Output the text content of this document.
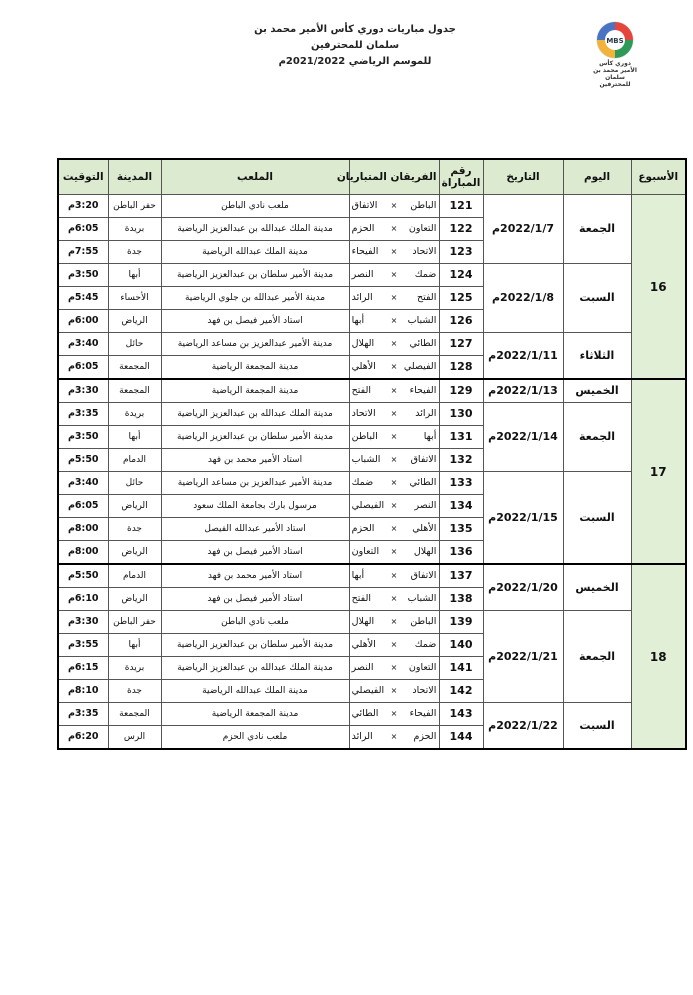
جدول مباريات دوري كأس الأمير محمد بن سلمان للمحترفين
للموسم الرياضي 2021/2022م
MBS
دوري كأس
الأمير محمد بن سلمان
للمحترفين
الأسبوع	اليوم	التاريخ	رقم المباراة	الفريقان المتباريان	الملعب	المدينة	التوقيت
16	الجمعة	2022/1/7م	121	الباطن×الاتفاق	ملعب نادي الباطن	حفر الباطن	3:20م
			122	التعاون×الحزم	مدينة الملك عبدالله بن عبدالعزيز الرياضية	بريدة	6:05م
			123	الاتحاد×الفيحاء	مدينة الملك عبدالله الرياضية	جدة	7:55م
	السبت	2022/1/8م	124	ضمك×النصر	مدينة الأمير سلطان بن عبدالعزيز الرياضية	أبها	3:50م
			125	الفتح×الرائد	مدينة الأمير عبدالله بن جلوي الرياضية	الأحساء	5:45م
			126	الشباب×أبها	استاد الأمير فيصل بن فهد	الرياض	6:00م
	الثلاثاء	2022/1/11م	127	الطائي×الهلال	مدينة الأمير عبدالعزيز بن مساعد الرياضية	حائل	3:40م
			128	الفيصلي×الأهلي	مدينة المجمعة الرياضية	المجمعة	6:05م
17	الخميس	2022/1/13م	129	الفيحاء×الفتح	مدينة المجمعة الرياضية	المجمعة	3:30م
	الجمعة	2022/1/14م	130	الرائد×الاتحاد	مدينة الملك عبدالله بن عبدالعزيز الرياضية	بريدة	3:35م
			131	أبها×الباطن	مدينة الأمير سلطان بن عبدالعزيز الرياضية	أبها	3:50م
			132	الاتفاق×الشباب	استاد الأمير محمد بن فهد	الدمام	5:50م
	السبت	2022/1/15م	133	الطائي×ضمك	مدينة الأمير عبدالعزيز بن مساعد الرياضية	حائل	3:40م
			134	النصر×الفيصلي	مرسول بارك بجامعة الملك سعود	الرياض	6:05م
			135	الأهلي×الحزم	استاد الأمير عبدالله الفيصل	جدة	8:00م
			136	الهلال×التعاون	استاد الأمير فيصل بن فهد	الرياض	8:00م
18	الخميس	2022/1/20م	137	الاتفاق×أبها	استاد الأمير محمد بن فهد	الدمام	5:50م
			138	الشباب×الفتح	استاد الأمير فيصل بن فهد	الرياض	6:10م
	الجمعة	2022/1/21م	139	الباطن×الهلال	ملعب نادي الباطن	حفر الباطن	3:30م
			140	ضمك×الأهلي	مدينة الأمير سلطان بن عبدالعزيز الرياضية	أبها	3:55م
			141	التعاون×النصر	مدينة الملك عبدالله بن عبدالعزيز الرياضية	بريدة	6:15م
			142	الاتحاد×الفيصلي	مدينة الملك عبدالله الرياضية	جدة	8:10م
	السبت	2022/1/22م	143	الفيحاء×الطائي	مدينة المجمعة الرياضية	المجمعة	3:35م
			144	الحزم×الرائد	ملعب نادي الحزم	الرس	6:20م
